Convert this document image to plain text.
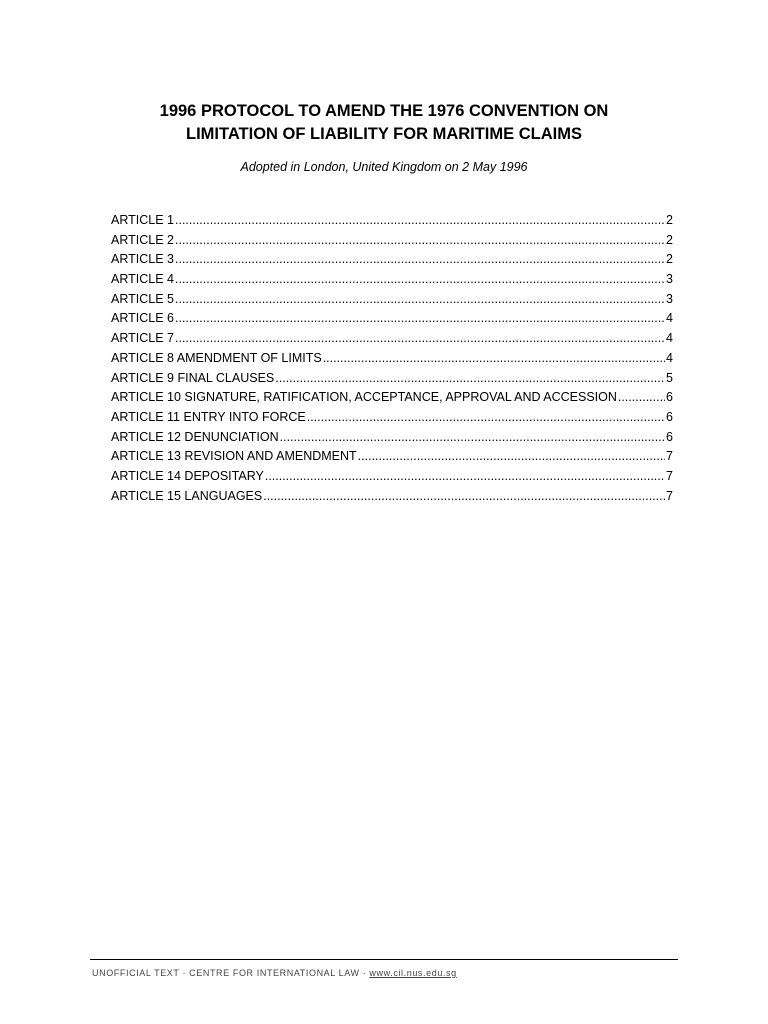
1996 PROTOCOL TO AMEND THE 1976 CONVENTION ON
LIMITATION OF LIABILITY FOR MARITIME CLAIMS

Adopted in London, United Kingdom on 2 May 1996

ARTICLE 1 .....	2
ARTICLE 2 .....	2
ARTICLE 3 .....	2
ARTICLE 4 .....	3
ARTICLE 5 .....	3
ARTICLE 6 .....	4
ARTICLE 7 .....	4
ARTICLE 8 AMENDMENT OF LIMITS .....	4
ARTICLE 9 FINAL CLAUSES .....	5
ARTICLE 10 SIGNATURE, RATIFICATION, ACCEPTANCE, APPROVAL AND ACCESSION .....	6
ARTICLE 11 ENTRY INTO FORCE .....	6
ARTICLE 12 DENUNCIATION .....	6
ARTICLE 13 REVISION AND AMENDMENT .....	7
ARTICLE 14 DEPOSITARY .....	7
ARTICLE 15 LANGUAGES .....	7
UNOFFICIAL TEXT · CENTRE FOR INTERNATIONAL LAW · www.cil.nus.edu.sg
